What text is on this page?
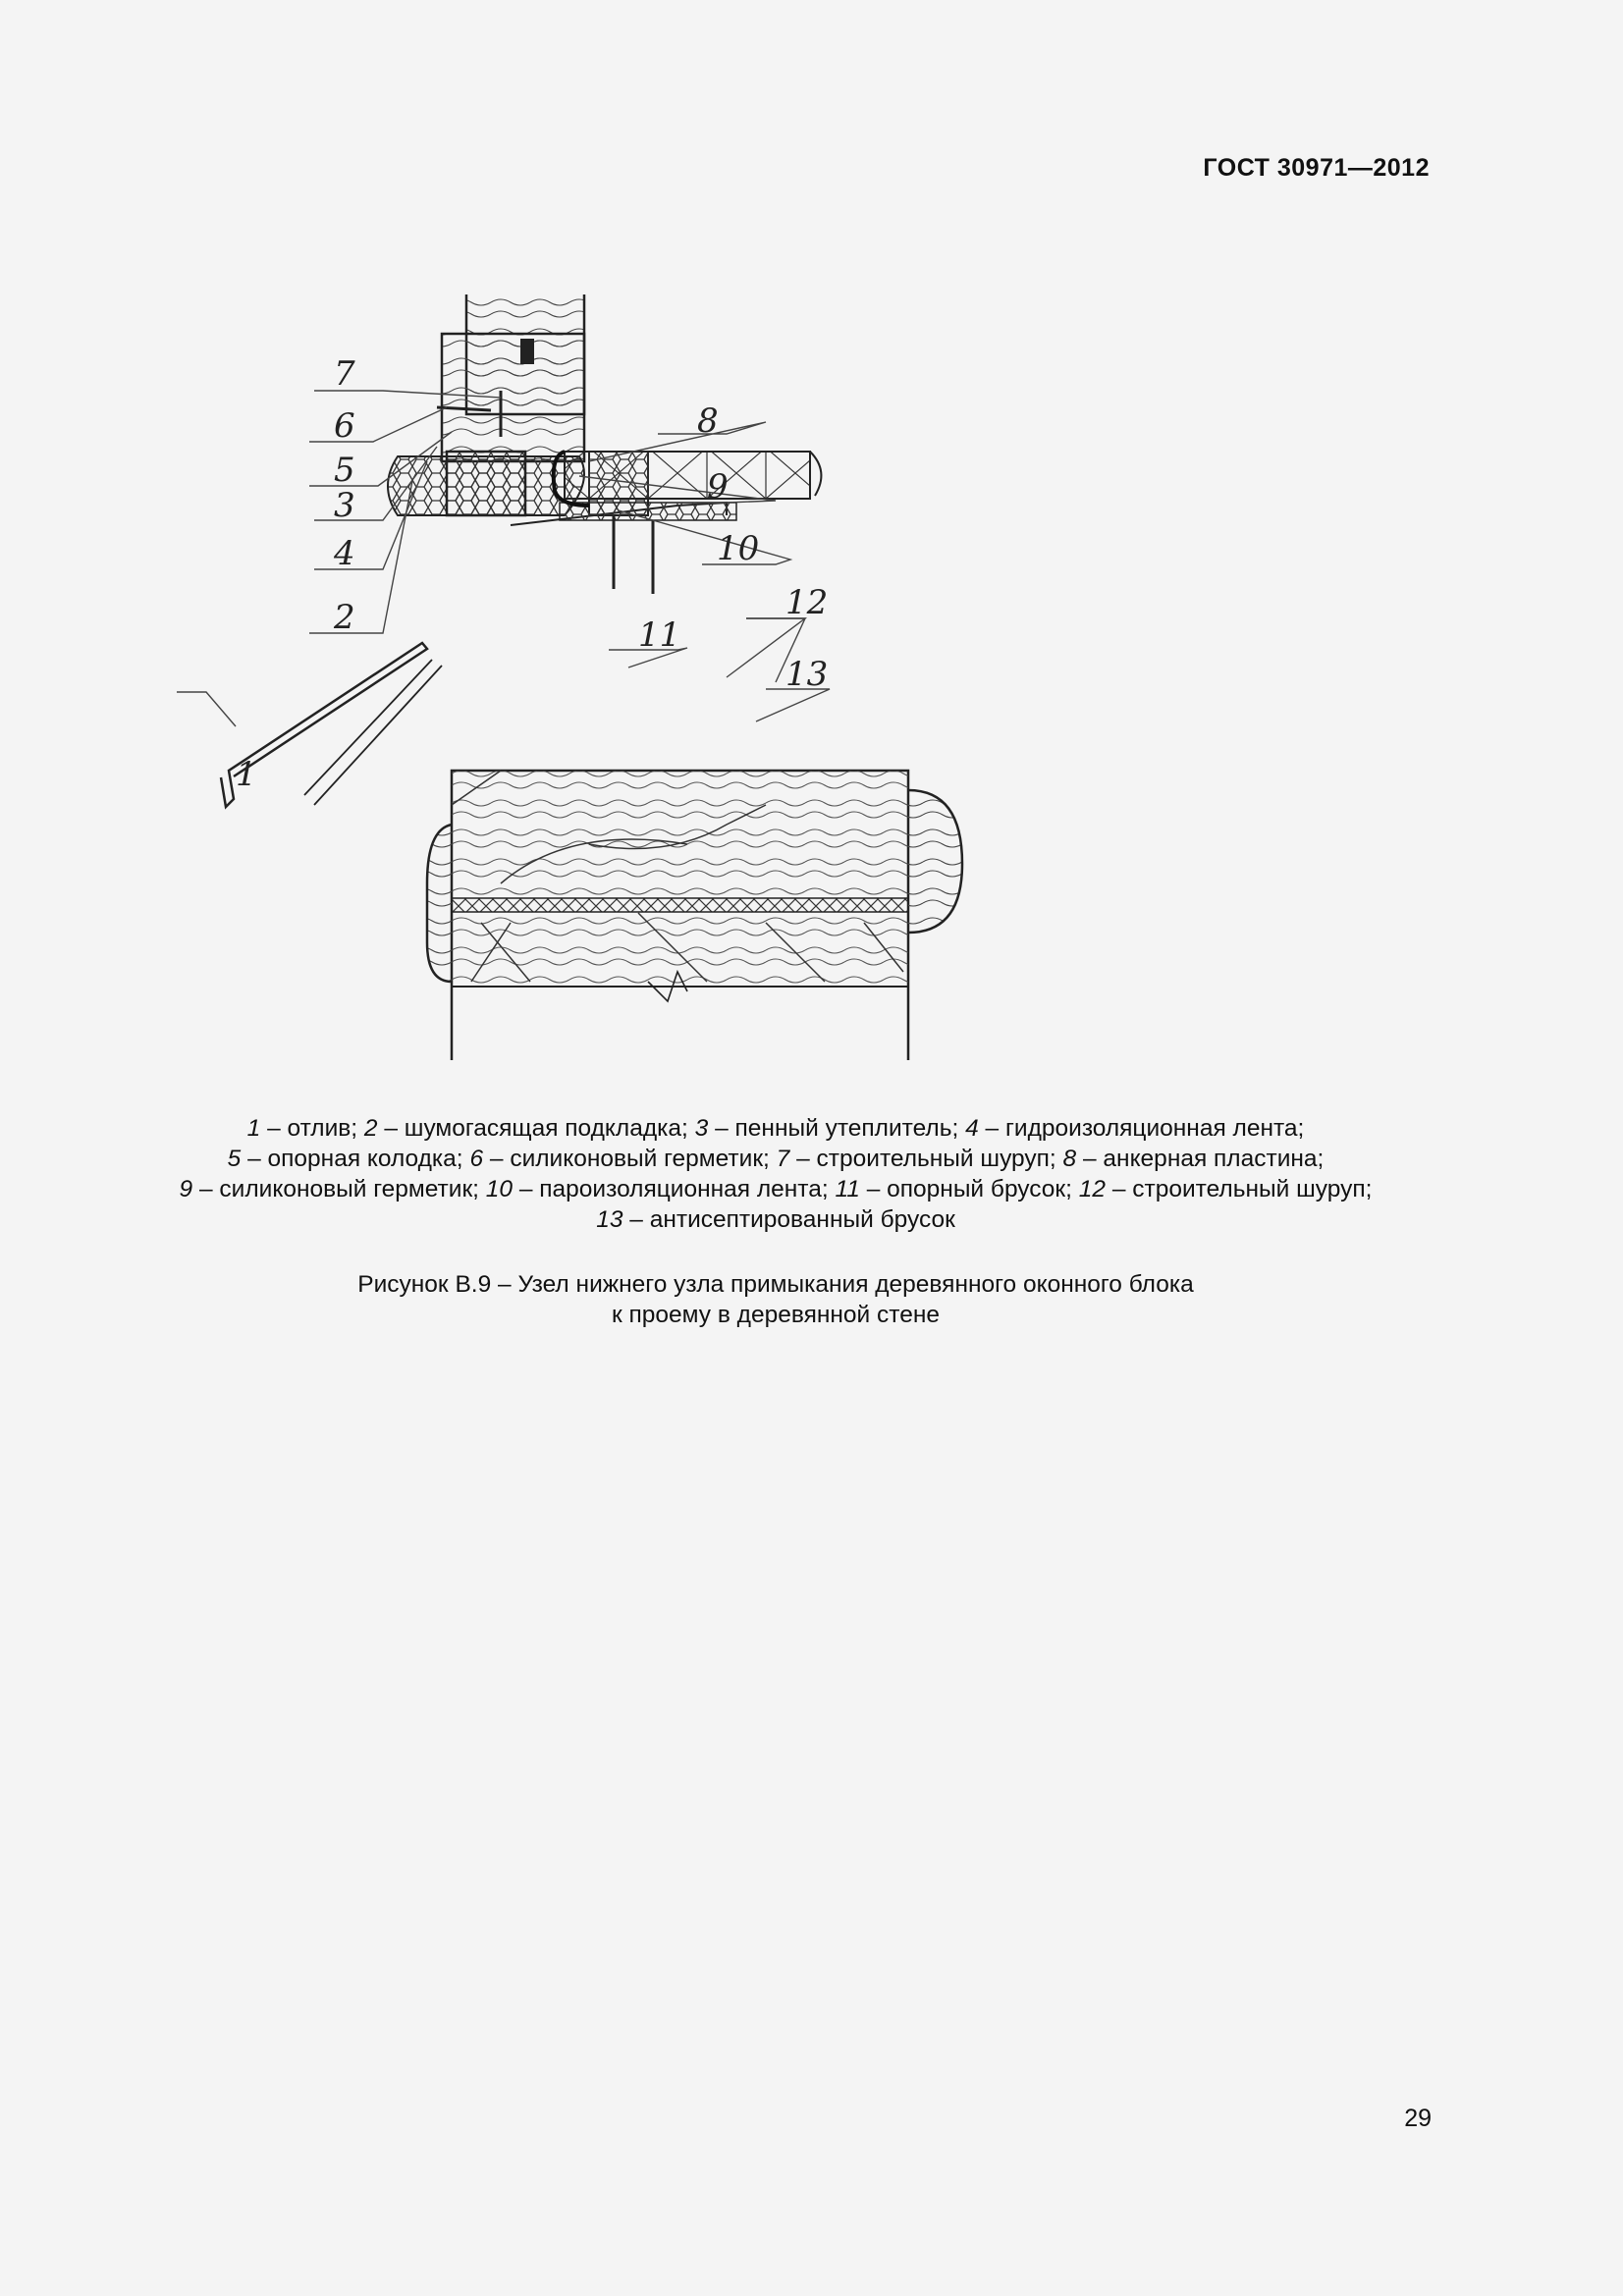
ГОСТ 30971—2012
7
6
5
3
4
2
1
8
9
10
11
12
13
1 – отлив; 2 – шумогасящая подкладка; 3 – пенный утеплитель; 4 – гидроизоляционная лента;
5 – опорная колодка; 6 – силиконовый герметик; 7 – строительный шуруп; 8 – анкерная пластина;
9 – силиконовый герметик; 10 – пароизоляционная лента; 11 – опорный брусок; 12 – строительный шуруп;
13 – антисептированный брусок
Рисунок В.9 – Узел нижнего узла примыкания деревянного оконного блока
к проему в деревянной стене
29
